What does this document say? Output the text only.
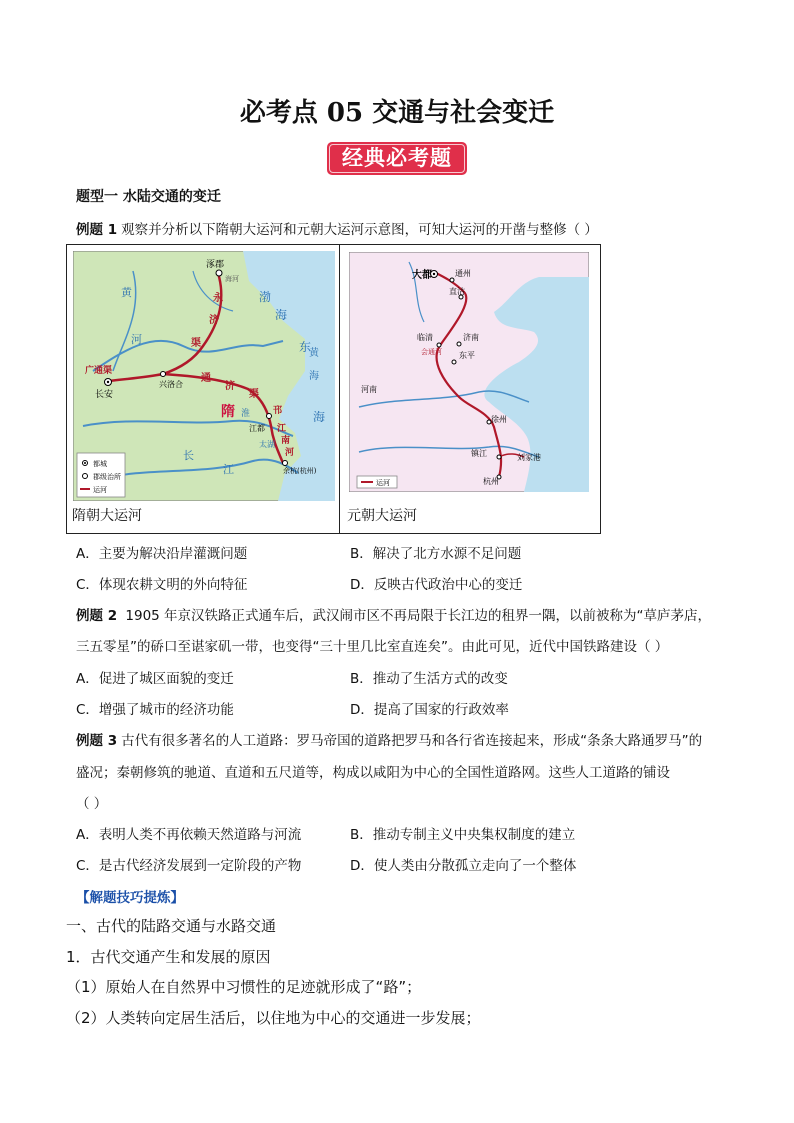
必考点 05 交通与社会变迁
经典必考题
题型一 水陆交通的变迁
例题 1 观察并分析以下隋朝大运河和元朝大运河示意图，可知大运河的开凿与整修（ ）
涿郡
海河
永
济
渠
渤
海
黄
河
通
济
渠
广通渠
兴洛合
长安
隋 淮
江都
邗
江
南
河
太湖
余杭(杭州)
黄
海
东
海
长
江
都城
郡级治所
运河
大都	通州
直沽
临清	济南
会通河 东平
河南
徐州
镇江	刘家港
杭州
运河
隋朝大运河	元朝大运河
A．主要为解决沿岸灌溉问题	B．解决了北方水源不足问题
C．体现农耕文明的外向特征	D．反映古代政治中心的变迁
例题 2 1905 年京汉铁路正式通车后，武汉闹市区不再局限于长江边的租界一隅，以前被称为“草庐茅店，
三五零星”的硚口至谌家矶一带，也变得“三十里几比室直连矣”。由此可见，近代中国铁路建设（ ）
A．促进了城区面貌的变迁	B．推动了生活方式的改变
C．增强了城市的经济功能	D．提高了国家的行政效率
例题 3 古代有很多著名的人工道路：罗马帝国的道路把罗马和各行省连接起来，形成“条条大路通罗马”的
盛况；秦朝修筑的驰道、直道和五尺道等，构成以咸阳为中心的全国性道路网。这些人工道路的铺设
（ ）
A．表明人类不再依赖天然道路与河流	B．推动专制主义中央集权制度的建立
C．是古代经济发展到一定阶段的产物	D．使人类由分散孤立走向了一个整体
【解题技巧提炼】
一、古代的陆路交通与水路交通
1．古代交通产生和发展的原因
（1）原始人在自然界中习惯性的足迹就形成了“路”；
（2）人类转向定居生活后，以住地为中心的交通进一步发展；
